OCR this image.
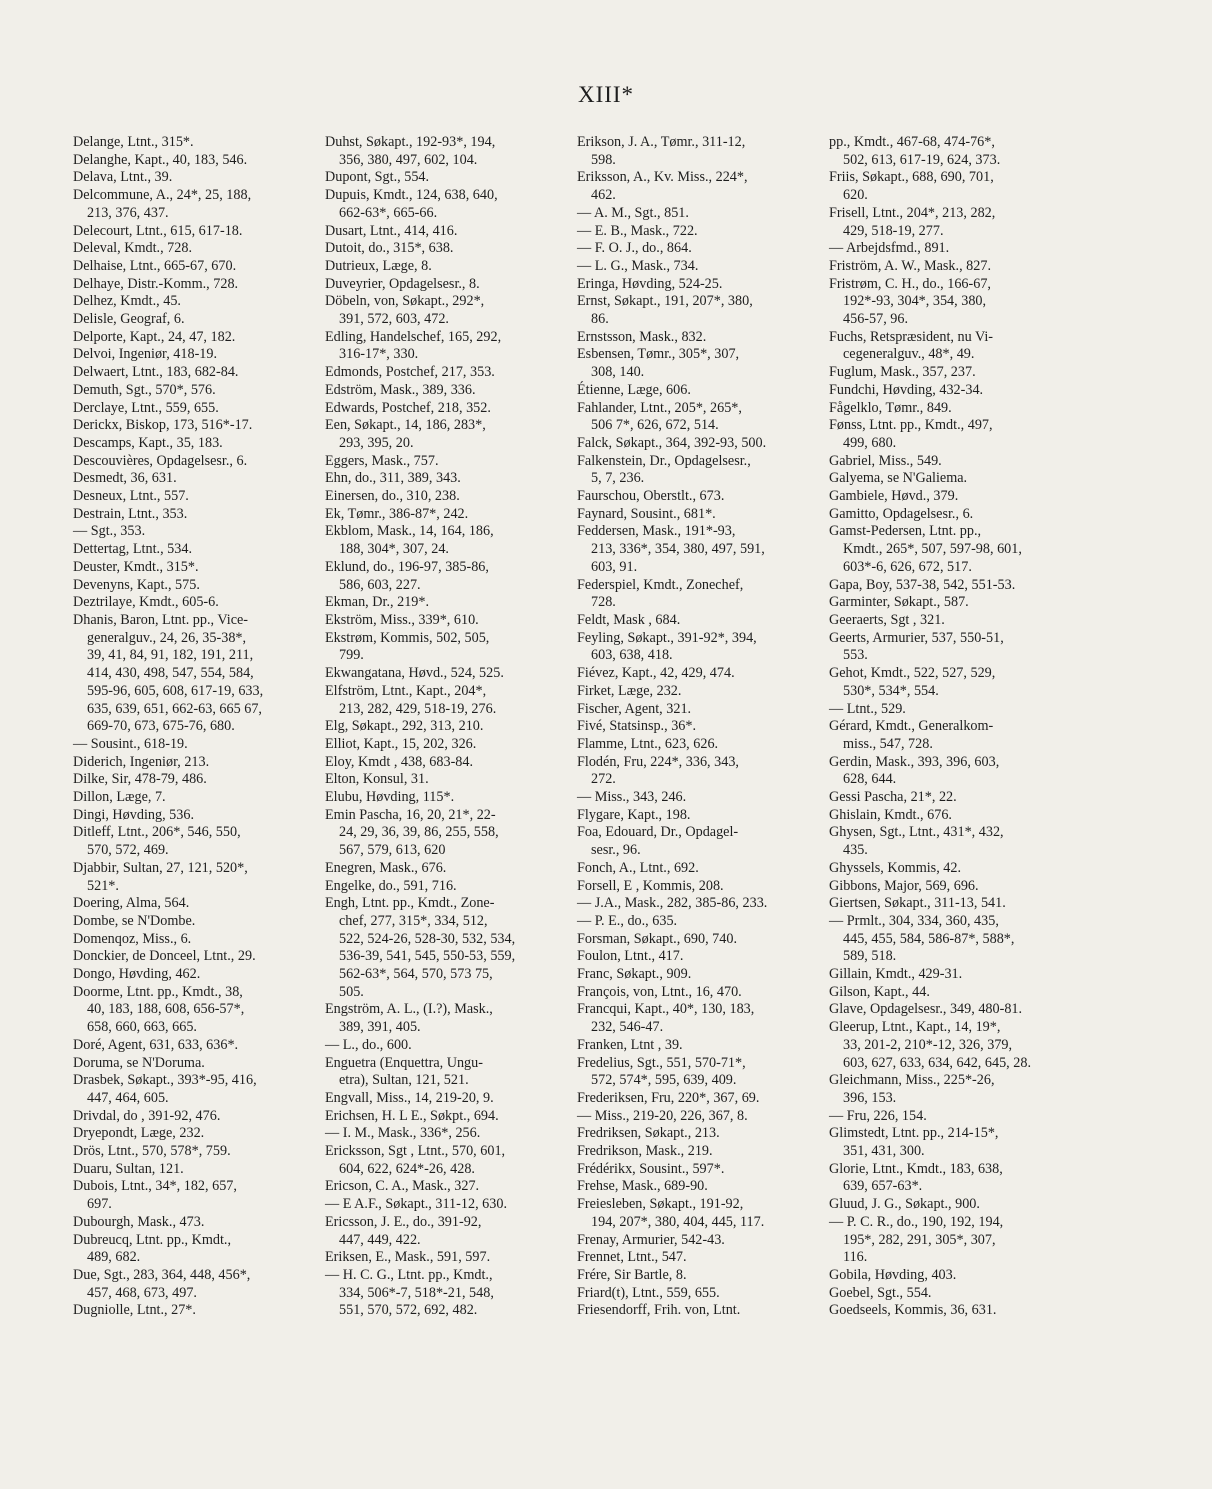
XIII*
Delange, Ltnt., 315*.
Delanghe, Kapt., 40, 183, 546.
Delava, Ltnt., 39.
Delcommune, A., 24*, 25, 188,
213, 376, 437.
Delecourt, Ltnt., 615, 617-18.
Deleval, Kmdt., 728.
Delhaise, Ltnt., 665-67, 670.
Delhaye, Distr.-Komm., 728.
Delhez, Kmdt., 45.
Delisle, Geograf, 6.
Delporte, Kapt., 24, 47, 182.
Delvoi, Ingeniør, 418-19.
Delwaert, Ltnt., 183, 682-84.
Demuth, Sgt., 570*, 576.
Derclaye, Ltnt., 559, 655.
Derickx, Biskop, 173, 516*-17.
Descamps, Kapt., 35, 183.
Descouvières, Opdagelsesr., 6.
Desmedt, 36, 631.
Desneux, Ltnt., 557.
Destrain, Ltnt., 353.
— Sgt., 353.
Dettertag, Ltnt., 534.
Deuster, Kmdt., 315*.
Devenyns, Kapt., 575.
Deztrilaye, Kmdt., 605-6.
Dhanis, Baron, Ltnt. pp., Vice-
generalguv., 24, 26, 35-38*,
39, 41, 84, 91, 182, 191, 211,
414, 430, 498, 547, 554, 584,
595-96, 605, 608, 617-19, 633,
635, 639, 651, 662-63, 665 67,
669-70, 673, 675-76, 680.
— Sousint., 618-19.
Diderich, Ingeniør, 213.
Dilke, Sir, 478-79, 486.
Dillon, Læge, 7.
Dingi, Høvding, 536.
Ditleff, Ltnt., 206*, 546, 550,
570, 572, 469.
Djabbir, Sultan, 27, 121, 520*,
521*.
Doering, Alma, 564.
Dombe, se N'Dombe.
Domenqoz, Miss., 6.
Donckier, de Donceel, Ltnt., 29.
Dongo, Høvding, 462.
Doorme, Ltnt. pp., Kmdt., 38,
40, 183, 188, 608, 656-57*,
658, 660, 663, 665.
Doré, Agent, 631, 633, 636*.
Doruma, se N'Doruma.
Drasbek, Søkapt., 393*-95, 416,
447, 464, 605.
Drivdal, do , 391-92, 476.
Dryepondt, Læge, 232.
Drös, Ltnt., 570, 578*, 759.
Duaru, Sultan, 121.
Dubois, Ltnt., 34*, 182, 657,
697.
Dubourgh, Mask., 473.
Dubreucq, Ltnt. pp., Kmdt.,
489, 682.
Due, Sgt., 283, 364, 448, 456*,
457, 468, 673, 497.
Dugniolle, Ltnt., 27*.
Duhst, Søkapt., 192-93*, 194,
356, 380, 497, 602, 104.
Dupont, Sgt., 554.
Dupuis, Kmdt., 124, 638, 640,
662-63*, 665-66.
Dusart, Ltnt., 414, 416.
Dutoit, do., 315*, 638.
Dutrieux, Læge, 8.
Duveyrier, Opdagelsesr., 8.
Döbeln, von, Søkapt., 292*,
391, 572, 603, 472.
Edling, Handelschef, 165, 292,
316-17*, 330.
Edmonds, Postchef, 217, 353.
Edström, Mask., 389, 336.
Edwards, Postchef, 218, 352.
Een, Søkapt., 14, 186, 283*,
293, 395, 20.
Eggers, Mask., 757.
Ehn, do., 311, 389, 343.
Einersen, do., 310, 238.
Ek, Tømr., 386-87*, 242.
Ekblom, Mask., 14, 164, 186,
188, 304*, 307, 24.
Eklund, do., 196-97, 385-86,
586, 603, 227.
Ekman, Dr., 219*.
Ekström, Miss., 339*, 610.
Ekstrøm, Kommis, 502, 505,
799.
Ekwangatana, Høvd., 524, 525.
Elfström, Ltnt., Kapt., 204*,
213, 282, 429, 518-19, 276.
Elg, Søkapt., 292, 313, 210.
Elliot, Kapt., 15, 202, 326.
Eloy, Kmdt , 438, 683-84.
Elton, Konsul, 31.
Elubu, Høvding, 115*.
Emin Pascha, 16, 20, 21*, 22-
24, 29, 36, 39, 86, 255, 558,
567, 579, 613, 620
Enegren, Mask., 676.
Engelke, do., 591, 716.
Engh, Ltnt. pp., Kmdt., Zone-
chef, 277, 315*, 334, 512,
522, 524-26, 528-30, 532, 534,
536-39, 541, 545, 550-53, 559,
562-63*, 564, 570, 573 75,
505.
Engström, A. L., (I.?), Mask.,
389, 391, 405.
— L., do., 600.
Enguetra (Enquettra, Ungu-
etra), Sultan, 121, 521.
Engvall, Miss., 14, 219-20, 9.
Erichsen, H. L E., Søkpt., 694.
— I. M., Mask., 336*, 256.
Ericksson, Sgt , Ltnt., 570, 601,
604, 622, 624*-26, 428.
Ericson, C. A., Mask., 327.
— E A.F., Søkapt., 311-12, 630.
Ericsson, J. E., do., 391-92,
447, 449, 422.
Eriksen, E., Mask., 591, 597.
— H. C. G., Ltnt. pp., Kmdt.,
334, 506*-7, 518*-21, 548,
551, 570, 572, 692, 482.
Erikson, J. A., Tømr., 311-12,
598.
Eriksson, A., Kv. Miss., 224*,
462.
— A. M., Sgt., 851.
— E. B., Mask., 722.
— F. O. J., do., 864.
— L. G., Mask., 734.
Eringa, Høvding, 524-25.
Ernst, Søkapt., 191, 207*, 380,
86.
Ernstsson, Mask., 832.
Esbensen, Tømr., 305*, 307,
308, 140.
Étienne, Læge, 606.
Fahlander, Ltnt., 205*, 265*,
506 7*, 626, 672, 514.
Falck, Søkapt., 364, 392-93, 500.
Falkenstein, Dr., Opdagelsesr.,
5, 7, 236.
Faurschou, Oberstlt., 673.
Faynard, Sousint., 681*.
Feddersen, Mask., 191*-93,
213, 336*, 354, 380, 497, 591,
603, 91.
Federspiel, Kmdt., Zonechef,
728.
Feldt, Mask , 684.
Feyling, Søkapt., 391-92*, 394,
603, 638, 418.
Fiévez, Kapt., 42, 429, 474.
Firket, Læge, 232.
Fischer, Agent, 321.
Fivé, Statsinsp., 36*.
Flamme, Ltnt., 623, 626.
Flodén, Fru, 224*, 336, 343,
272.
— Miss., 343, 246.
Flygare, Kapt., 198.
Foa, Edouard, Dr., Opdagel-
sesr., 96.
Fonch, A., Ltnt., 692.
Forsell, E , Kommis, 208.
— J.A., Mask., 282, 385-86, 233.
— P. E., do., 635.
Forsman, Søkapt., 690, 740.
Foulon, Ltnt., 417.
Franc, Søkapt., 909.
François, von, Ltnt., 16, 470.
Francqui, Kapt., 40*, 130, 183,
232, 546-47.
Franken, Ltnt , 39.
Fredelius, Sgt., 551, 570-71*,
572, 574*, 595, 639, 409.
Frederiksen, Fru, 220*, 367, 69.
— Miss., 219-20, 226, 367, 8.
Fredriksen, Søkapt., 213.
Fredrikson, Mask., 219.
Frédérikx, Sousint., 597*.
Frehse, Mask., 689-90.
Freiesleben, Søkapt., 191-92,
194, 207*, 380, 404, 445, 117.
Frenay, Armurier, 542-43.
Frennet, Ltnt., 547.
Frére, Sir Bartle, 8.
Friard(t), Ltnt., 559, 655.
Friesendorff, Frih. von, Ltnt.
pp., Kmdt., 467-68, 474-76*,
502, 613, 617-19, 624, 373.
Friis, Søkapt., 688, 690, 701,
620.
Frisell, Ltnt., 204*, 213, 282,
429, 518-19, 277.
— Arbejdsfmd., 891.
Friström, A. W., Mask., 827.
Fristrøm, C. H., do., 166-67,
192*-93, 304*, 354, 380,
456-57, 96.
Fuchs, Retspræsident, nu Vi-
cegeneralguv., 48*, 49.
Fuglum, Mask., 357, 237.
Fundchi, Høvding, 432-34.
Fågelklo, Tømr., 849.
Fønss, Ltnt. pp., Kmdt., 497,
499, 680.
Gabriel, Miss., 549.
Galyema, se N'Galiema.
Gambiele, Høvd., 379.
Gamitto, Opdagelsesr., 6.
Gamst-Pedersen, Ltnt. pp.,
Kmdt., 265*, 507, 597-98, 601,
603*-6, 626, 672, 517.
Gapa, Boy, 537-38, 542, 551-53.
Garminter, Søkapt., 587.
Geeraerts, Sgt , 321.
Geerts, Armurier, 537, 550-51,
553.
Gehot, Kmdt., 522, 527, 529,
530*, 534*, 554.
— Ltnt., 529.
Gérard, Kmdt., Generalkom-
miss., 547, 728.
Gerdin, Mask., 393, 396, 603,
628, 644.
Gessi Pascha, 21*, 22.
Ghislain, Kmdt., 676.
Ghysen, Sgt., Ltnt., 431*, 432,
435.
Ghyssels, Kommis, 42.
Gibbons, Major, 569, 696.
Giertsen, Søkapt., 311-13, 541.
— Prmlt., 304, 334, 360, 435,
445, 455, 584, 586-87*, 588*,
589, 518.
Gillain, Kmdt., 429-31.
Gilson, Kapt., 44.
Glave, Opdagelsesr., 349, 480-81.
Gleerup, Ltnt., Kapt., 14, 19*,
33, 201-2, 210*-12, 326, 379,
603, 627, 633, 634, 642, 645, 28.
Gleichmann, Miss., 225*-26,
396, 153.
— Fru, 226, 154.
Glimstedt, Ltnt. pp., 214-15*,
351, 431, 300.
Glorie, Ltnt., Kmdt., 183, 638,
639, 657-63*.
Gluud, J. G., Søkapt., 900.
— P. C. R., do., 190, 192, 194,
195*, 282, 291, 305*, 307,
116.
Gobila, Høvding, 403.
Goebel, Sgt., 554.
Goedseels, Kommis, 36, 631.
